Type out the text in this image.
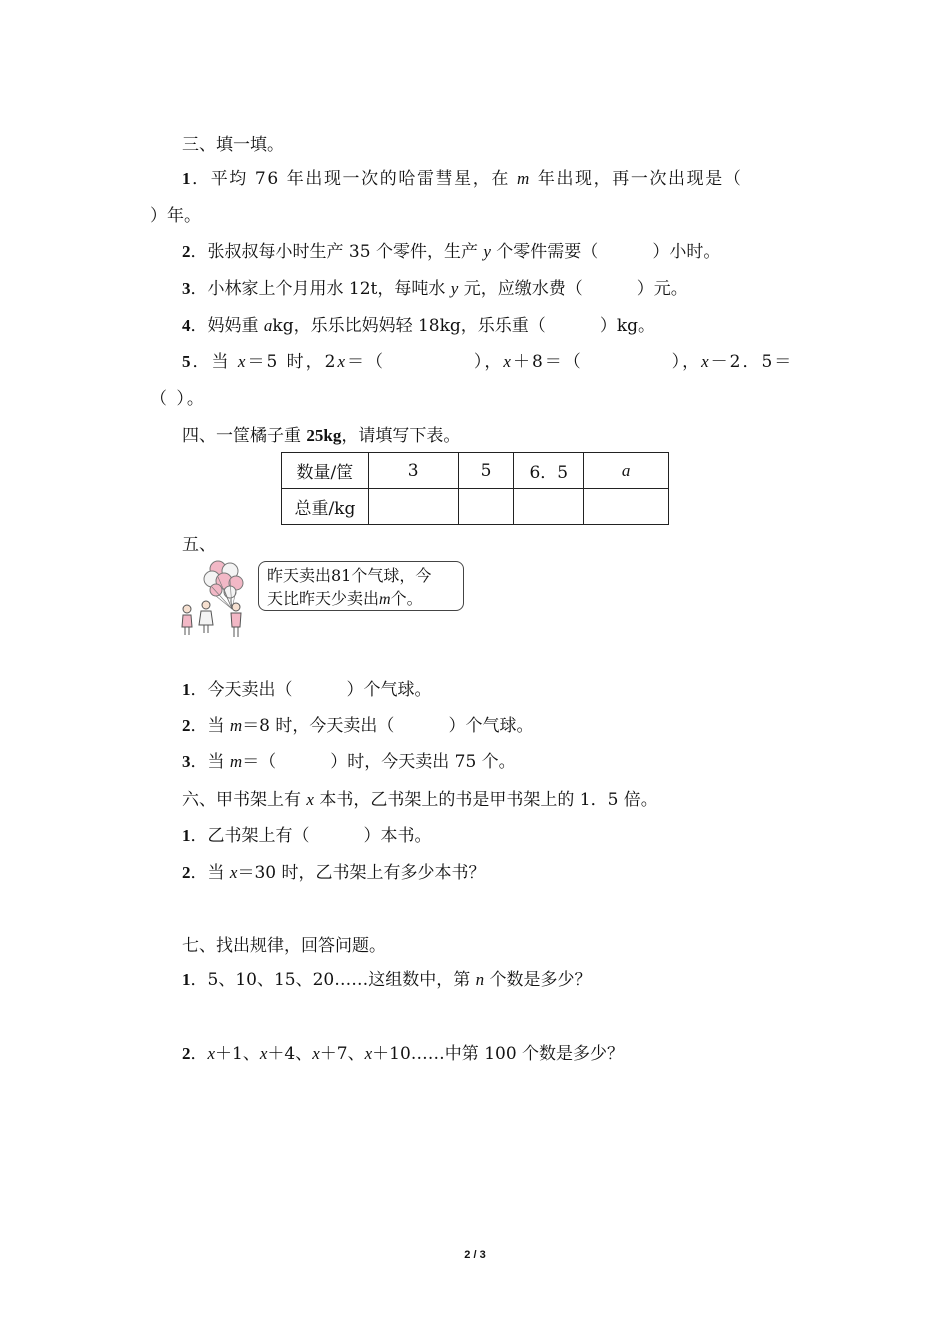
三、填一填。
1．平均 76 年出现一次的哈雷彗星，在 m 年出现，再一次出现是（
）年。
2．张叔叔每小时生产 35 个零件，生产 y 个零件需要（          ）小时。
3．小林家上个月用水 12t，每吨水 y 元，应缴水费（          ）元。
4．妈妈重 akg，乐乐比妈妈轻 18kg，乐乐重（          ）kg。
5．当 x＝5 时，2x＝（            ），x＋8＝（            ），x－2．5＝
（ ）。
四、一筐橘子重 25kg，请填写下表。
数量/筐	3	5	6．5	a
总重/kg				
五、
昨天卖出81个气球，今
天比昨天少卖出m个。
1．今天卖出（          ）个气球。
2．当 m＝8 时，今天卖出（          ）个气球。
3．当 m＝（          ）时，今天卖出 75 个。
六、甲书架上有 x 本书，乙书架上的书是甲书架上的 1．5 倍。
1．乙书架上有（          ）本书。
2．当 x＝30 时，乙书架上有多少本书？
七、找出规律，回答问题。
1．5、10、15、20……这组数中，第 n 个数是多少？
2．x＋1、x＋4、x＋7、x＋10……中第 100 个数是多少？
2 / 3
